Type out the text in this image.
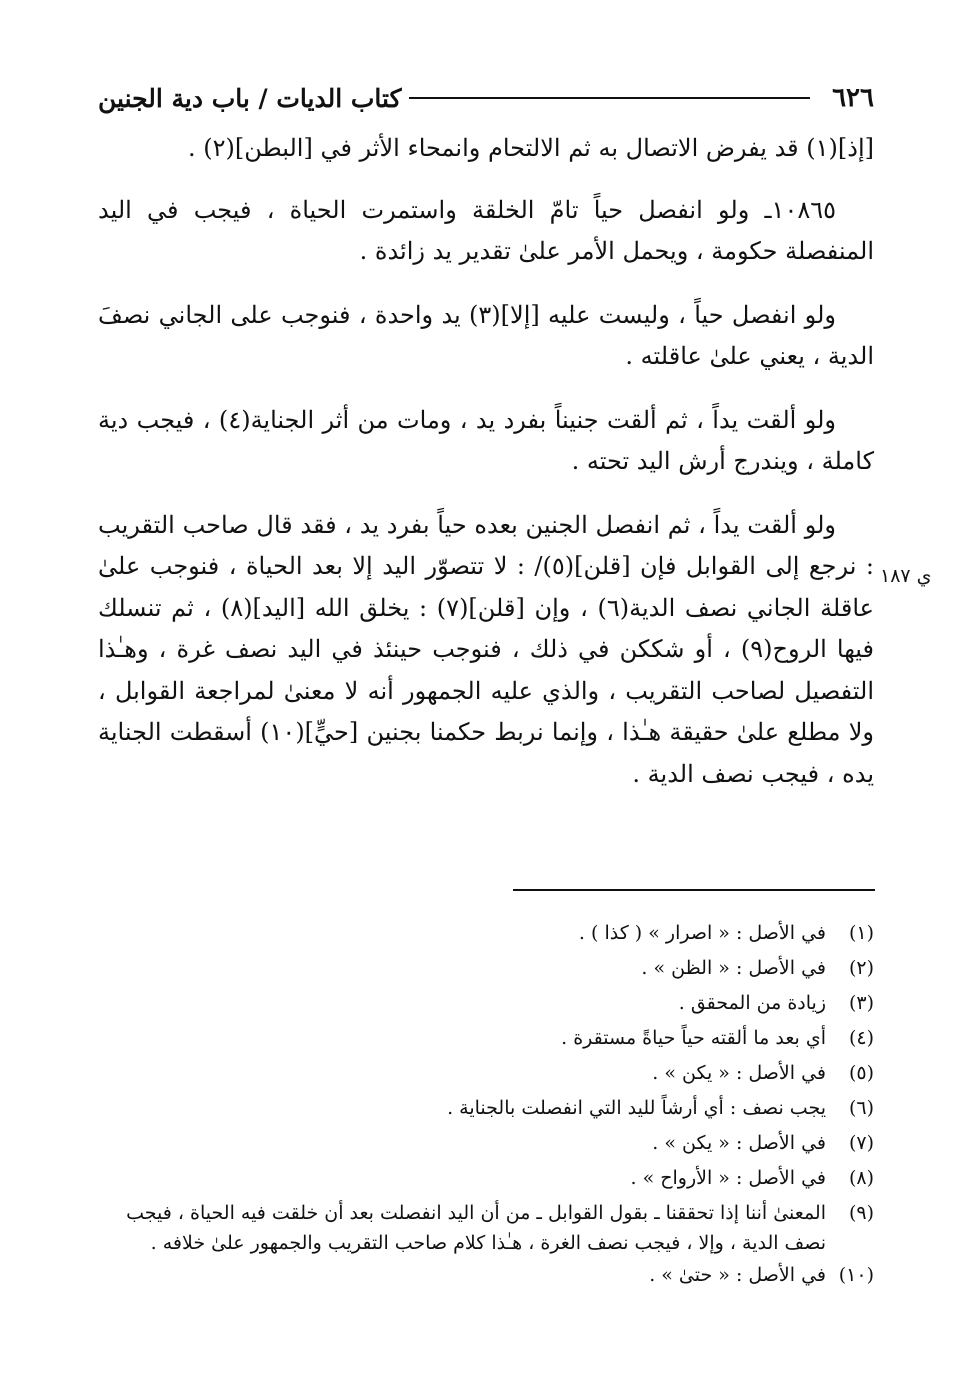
٦٢٦
كتاب الديات / باب دية الجنين

[إذ](١) قد يفرض الاتصال به ثم الالتحام وانمحاء الأثر في [البطن](٢) .

١٠٨٦٥ـ ولو انفصل حياً تامّ الخلقة واستمرت الحياة ، فيجب في اليد المنفصلة حكومة ، ويحمل الأمر علىٰ تقدير يد زائدة .

ولو انفصل حياً ، وليست عليه [إلا](٣) يد واحدة ، فنوجب على الجاني نصفَ الدية ، يعني علىٰ عاقلته .

ولو ألقت يداً ، ثم ألقت جنيناً بفرد يد ، ومات من أثر الجناية(٤) ، فيجب دية كاملة ، ويندرج أرش اليد تحته .

ولو ألقت يداً ، ثم انفصل الجنين بعده حياً بفرد يد ، فقد قال صاحب التقريب : نرجع إلى القوابل فإن [قلن](٥)/ : لا تتصوّر اليد إلا بعد الحياة ، فنوجب علىٰ عاقلة الجاني نصف الدية(٦) ، وإن [قلن](٧) : يخلق الله [اليد](٨) ، ثم تنسلك فيها الروح(٩) ، أو شككن في ذلك ، فنوجب حينئذ في اليد نصف غرة ، وهـٰذا التفصيل لصاحب التقريب ، والذي عليه الجمهور أنه لا معنىٰ لمراجعة القوابل ، ولا مطلع علىٰ حقيقة هـٰذا ، وإنما نربط حكمنا بجنين [حيٍّ](١٠) أسقطت الجناية يده ، فيجب نصف الدية .

ي ١٨٧
(١)
في الأصل : « اصرار » ( كذا ) .
(٢)
في الأصل : « الظن » .
(٣)
زيادة من المحقق .
(٤)
أي بعد ما ألقته حياً حياةً مستقرة .
(٥)
في الأصل : « يكن » .
(٦)
يجب نصف : أي أرشاً لليد التي انفصلت بالجناية .
(٧)
في الأصل : « يكن » .
(٨)
في الأصل : « الأرواح » .
(٩)
المعنىٰ أننا إذا تحققنا ـ بقول القوابل ـ من أن اليد انفصلت بعد أن خلقت فيه الحياة ، فيجب نصف الدية ، وإلا ، فيجب نصف الغرة ، هـٰذا كلام صاحب التقريب والجمهور علىٰ خلافه .
(١٠)
في الأصل : « حتىٰ » .
